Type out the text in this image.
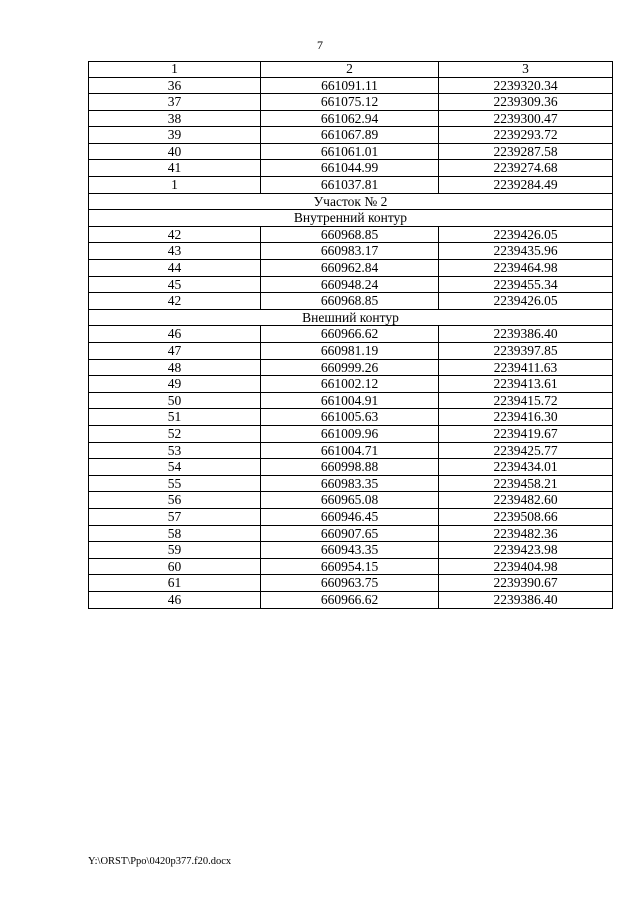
7
1	2	3
36	661091.11	2239320.34
37	661075.12	2239309.36
38	661062.94	2239300.47
39	661067.89	2239293.72
40	661061.01	2239287.58
41	661044.99	2239274.68
1	661037.81	2239284.49
Участок № 2		
Внутренний контур		
42	660968.85	2239426.05
43	660983.17	2239435.96
44	660962.84	2239464.98
45	660948.24	2239455.34
42	660968.85	2239426.05
Внешний контур		
46	660966.62	2239386.40
47	660981.19	2239397.85
48	660999.26	2239411.63
49	661002.12	2239413.61
50	661004.91	2239415.72
51	661005.63	2239416.30
52	661009.96	2239419.67
53	661004.71	2239425.77
54	660998.88	2239434.01
55	660983.35	2239458.21
56	660965.08	2239482.60
57	660946.45	2239508.66
58	660907.65	2239482.36
59	660943.35	2239423.98
60	660954.15	2239404.98
61	660963.75	2239390.67
46	660966.62	2239386.40
Y:\ORST\Ppo\0420p377.f20.docx
